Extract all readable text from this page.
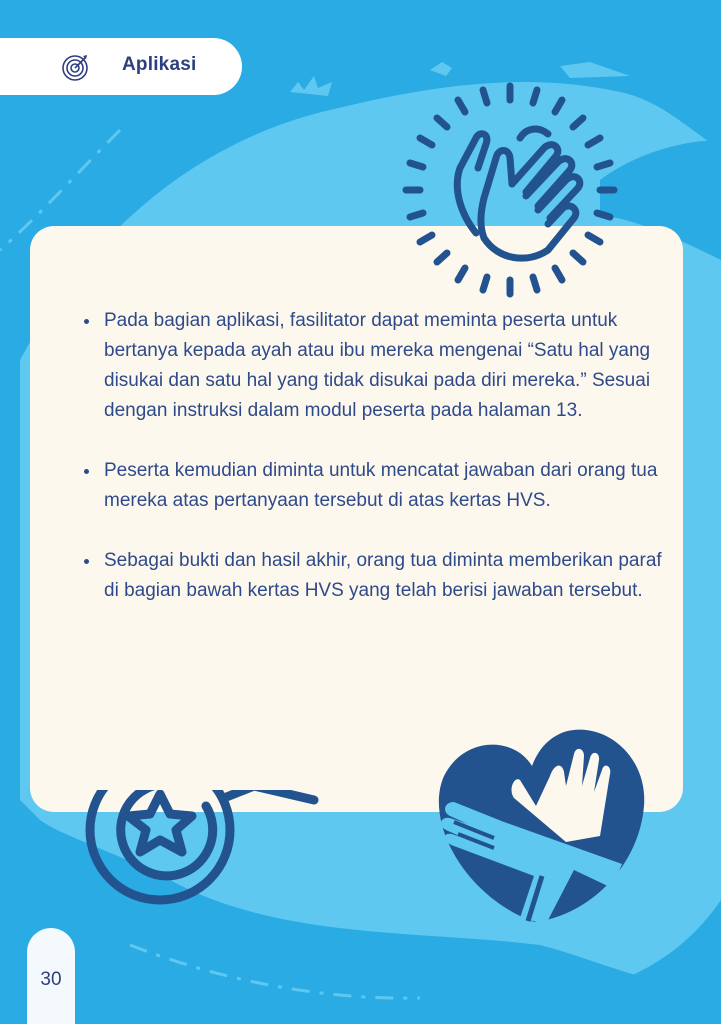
Aplikasi
Pada bagian aplikasi, fasilitator dapat meminta peserta untuk bertanya kepada ayah atau ibu mereka mengenai “Satu hal yang disukai dan satu hal yang tidak disukai pada diri mereka.” Sesuai dengan instruksi dalam modul peserta pada halaman 13.
Peserta kemudian diminta untuk mencatat jawaban dari orang tua mereka atas pertanyaan tersebut di atas kertas HVS.
Sebagai bukti dan hasil akhir, orang tua diminta memberikan paraf di bagian bawah kertas HVS yang telah berisi jawaban tersebut.
30
